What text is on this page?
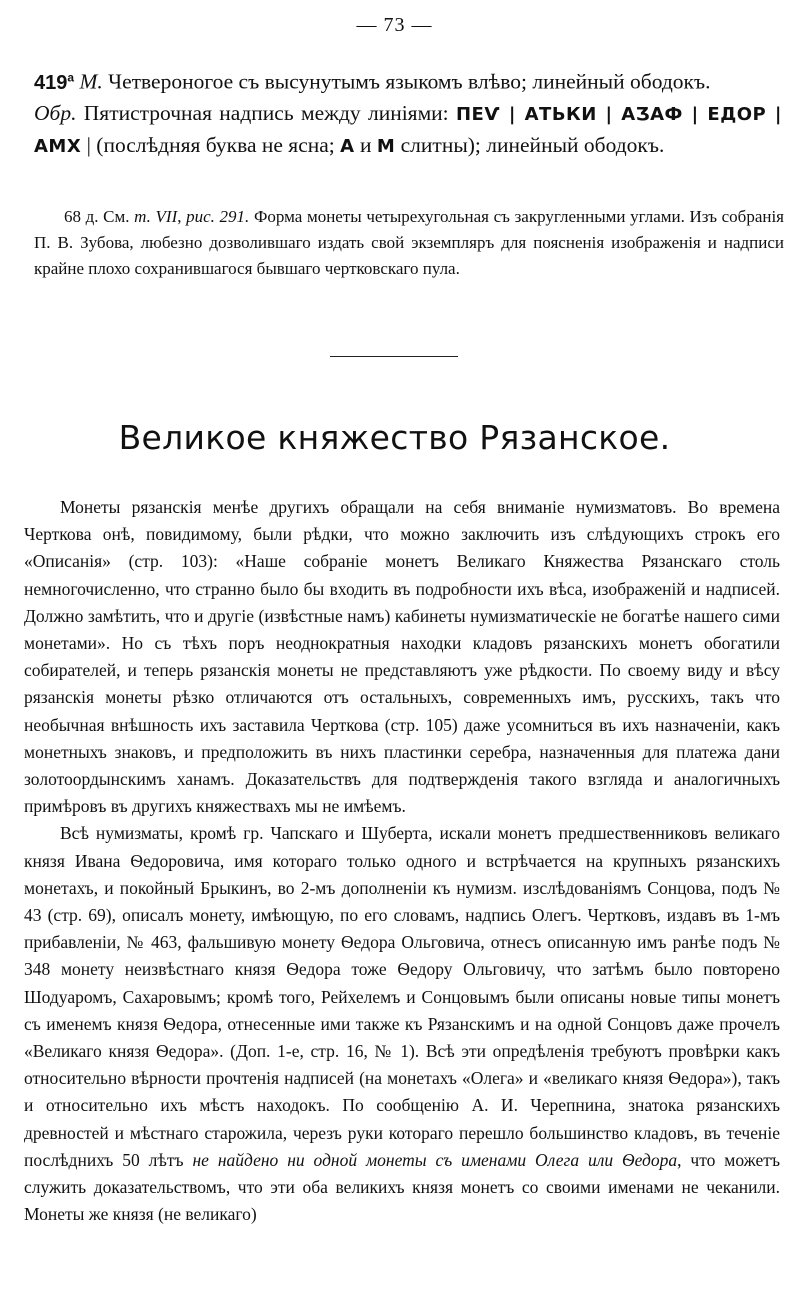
— 73 —
$419^а$ М. Четвероногое съ высунутымъ языкомъ влѣво; линейный ободокъ.
Обр. Пятистрочная надпись между линіями: ПЕѴ | АТЬКИ | АӠАФ | ЕДОР | АМХ | (послѣдняя буква не ясна; А и М слитны); линейный ободокъ.

68 д. См. т. VII, рис. 291. Форма монеты четырехугольная съ закругленными углами. Изъ собранія П. В. Зубова, любезно дозволившаго издать свой экземпляръ для поясненія изображенія и надписи крайне плохо сохранившагося бывшаго чертковскаго пула.

Великое княжество Рязанское.

Монеты рязанскія менѣе другихъ обращали на себя вниманіе нумизматовъ. Во времена Черткова онѣ, повидимому, были рѣдки, что можно заключить изъ слѣдующихъ строкъ его «Описанія» (стр. 103): «Наше собраніе монетъ Великаго Княжества Рязанскаго столь немногочисленно, что странно было бы входить въ подробности ихъ вѣса, изображеній и надписей. Должно замѣтить, что и другіе (извѣстные намъ) кабинеты нумизматическіе не богатѣе нашего сими монетами». Но съ тѣхъ поръ неоднократныя находки кладовъ рязанскихъ монетъ обогатили собирателей, и теперь рязанскія монеты не представляютъ уже рѣдкости. По своему виду и вѣсу рязанскія монеты рѣзко отличаются отъ остальныхъ, современныхъ имъ, русскихъ, такъ что необычная внѣшность ихъ заставила Черткова (стр. 105) даже усомниться въ ихъ назначеніи, какъ монетныхъ знаковъ, и предположить въ нихъ пластинки серебра, назначенныя для платежа дани золотоордынскимъ ханамъ. Доказательствъ для подтвержденія такого взгляда и аналогичныхъ примѣровъ въ другихъ княжествахъ мы не имѣемъ.

Всѣ нумизматы, кромѣ гр. Чапскаго и Шуберта, искали монетъ предшественниковъ великаго князя Ивана Ѳедоровича, имя котораго только одного и встрѣчается на крупныхъ рязанскихъ монетахъ, и покойный Брыкинъ, во 2-мъ дополненіи къ нумизм. изслѣдованіямъ Сонцова, подъ № 43 (стр. 69), описалъ монету, имѣющую, по его словамъ, надпись Олегъ. Чертковъ, издавъ въ 1-мъ прибавленіи, № 463, фальшивую монету Ѳедора Ольговича, отнесъ описанную имъ ранѣе подъ № 348 монету неизвѣстнаго князя Ѳедора тоже Ѳедору Ольговичу, что затѣмъ было повторено Шодуаромъ, Сахаровымъ; кромѣ того, Рейхелемъ и Сонцовымъ были описаны новые типы монетъ съ именемъ князя Ѳедора, отнесенные ими также къ Рязанскимъ и на одной Сонцовъ даже прочелъ «Великаго князя Ѳедора». (Доп. 1-е, стр. 16, № 1). Всѣ эти опредѣленія требуютъ провѣрки какъ относительно вѣрности прочтенія надписей (на монетахъ «Олега» и «великаго князя Ѳедора»), такъ и относительно ихъ мѣстъ находокъ. По сообщенію А. И. Черепнина, знатока рязанскихъ древностей и мѣстнаго старожила, черезъ руки котораго перешло большинство кладовъ, въ теченіе послѣднихъ 50 лѣтъ не найдено ни одной монеты съ именами Олега или Ѳедора, что можетъ служить доказательствомъ, что эти оба великихъ князя монетъ со своими именами не чеканили. Монеты же князя (не великаго)
